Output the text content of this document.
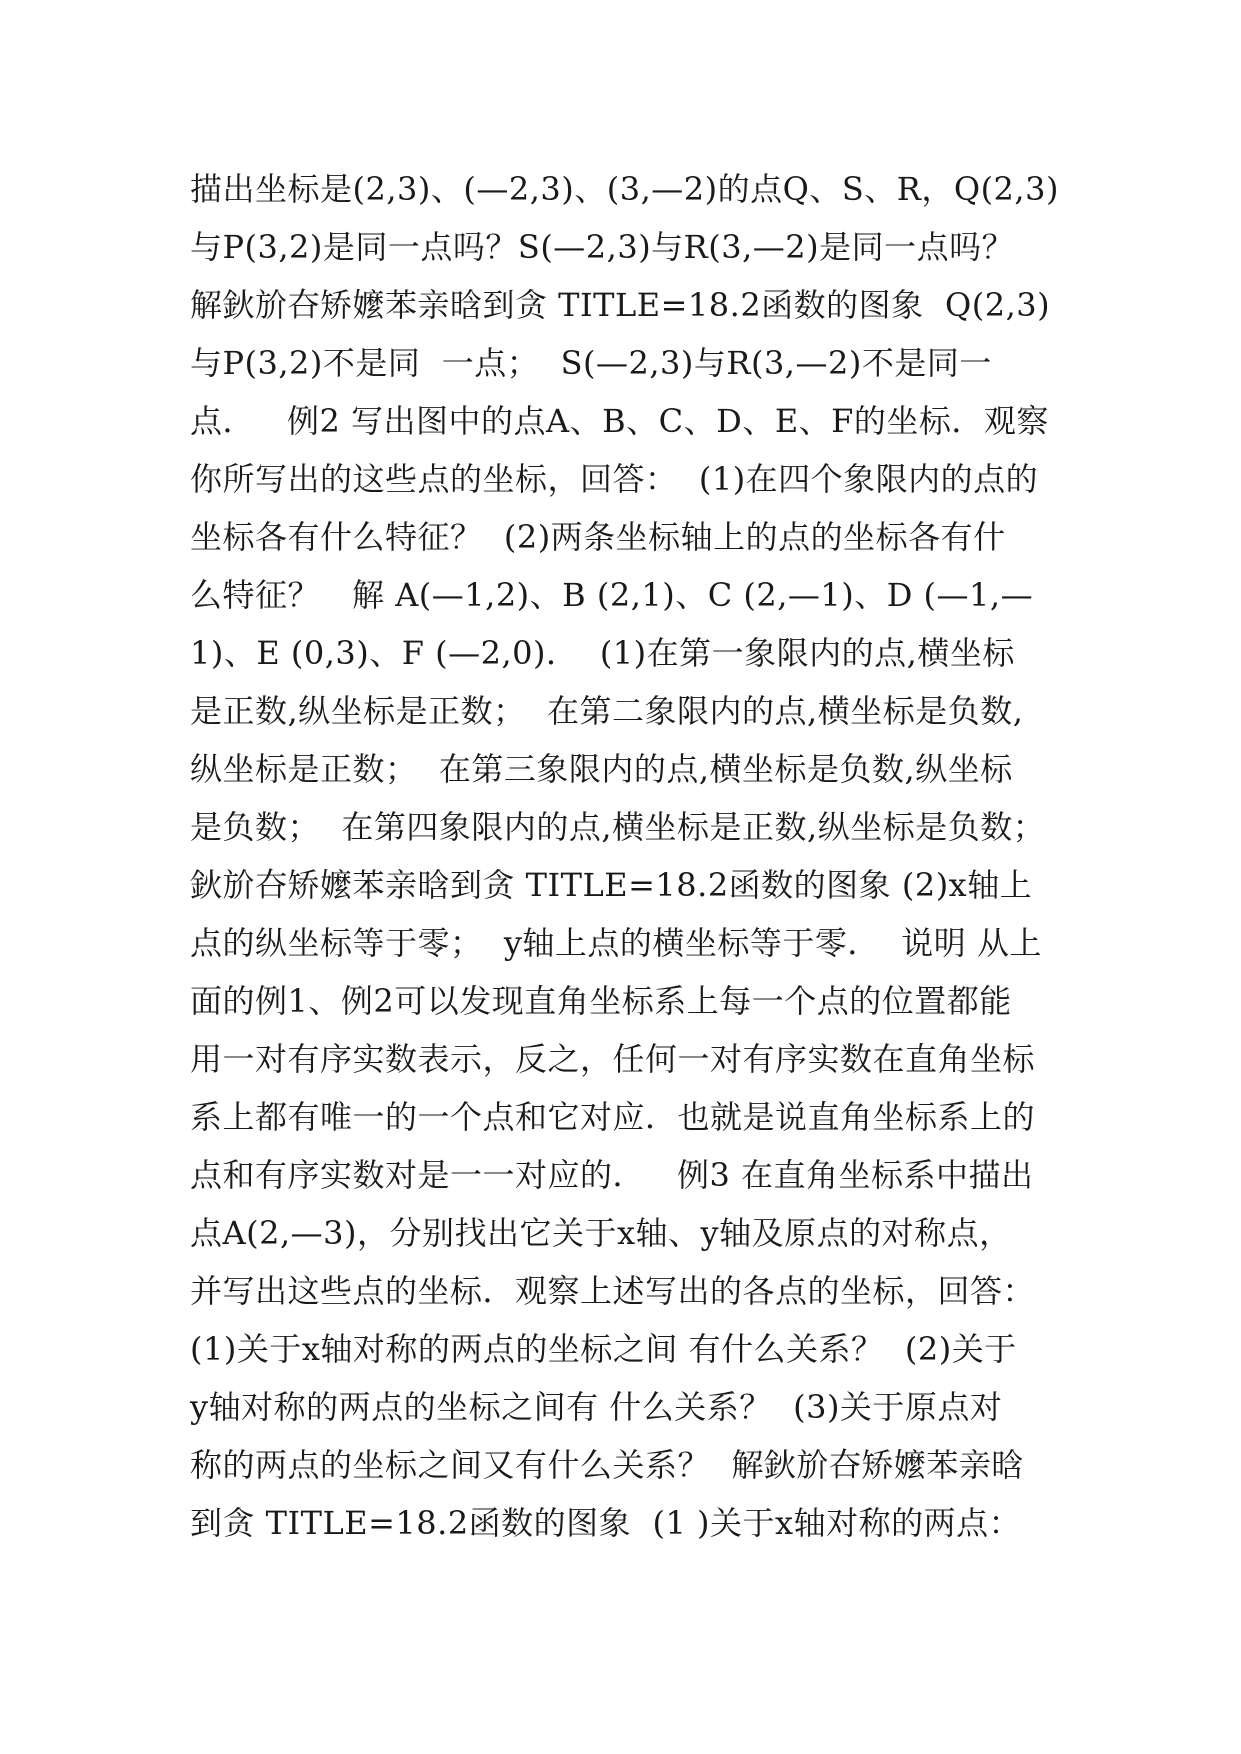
描出坐标是(2,3)、(—2,3)、(3,—2)的点Q、S、R，Q(2,3)
与P(3,2)是同一点吗？S(—2,3)与R(3,—2)是同一点吗？
解鈥斺夻矫嬤苯亲晗到贪 TITLE=18.2函数的图象  Q(2,3)
与P(3,2)不是同  一点；  S(—2,3)与R(3,—2)不是同一
点．   例2 写出图中的点A、B、C、D、E、F的坐标．观察
你所写出的这些点的坐标，回答：  (1)在四个象限内的点的
坐标各有什么特征？  (2)两条坐标轴上的点的坐标各有什
么特征？   解 A(—1,2)、B (2,1)、C (2,—1)、D (—1,—
1)、E (0,3)、F (—2,0)．  (1)在第一象限内的点,横坐标
是正数,纵坐标是正数；  在第二象限内的点,横坐标是负数,
纵坐标是正数；  在第三象限内的点,横坐标是负数,纵坐标
是负数；  在第四象限内的点,横坐标是正数,纵坐标是负数；
鈥斺夻矫嬤苯亲晗到贪 TITLE=18.2函数的图象 (2)x轴上
点的纵坐标等于零；  y轴上点的横坐标等于零．  说明 从上
面的例1、例2可以发现直角坐标系上每一个点的位置都能
用一对有序实数表示，反之，任何一对有序实数在直角坐标
系上都有唯一的一个点和它对应．也就是说直角坐标系上的
点和有序实数对是一一对应的．   例3 在直角坐标系中描出
点A(2,—3)，分别找出它关于x轴、y轴及原点的对称点，
并写出这些点的坐标．观察上述写出的各点的坐标，回答：
(1)关于x轴对称的两点的坐标之间 有什么关系？  (2)关于
y轴对称的两点的坐标之间有 什么关系？  (3)关于原点对
称的两点的坐标之间又有什么关系？  解鈥斺夻矫嬤苯亲晗
到贪 TITLE=18.2函数的图象  (1 )关于x轴对称的两点：
